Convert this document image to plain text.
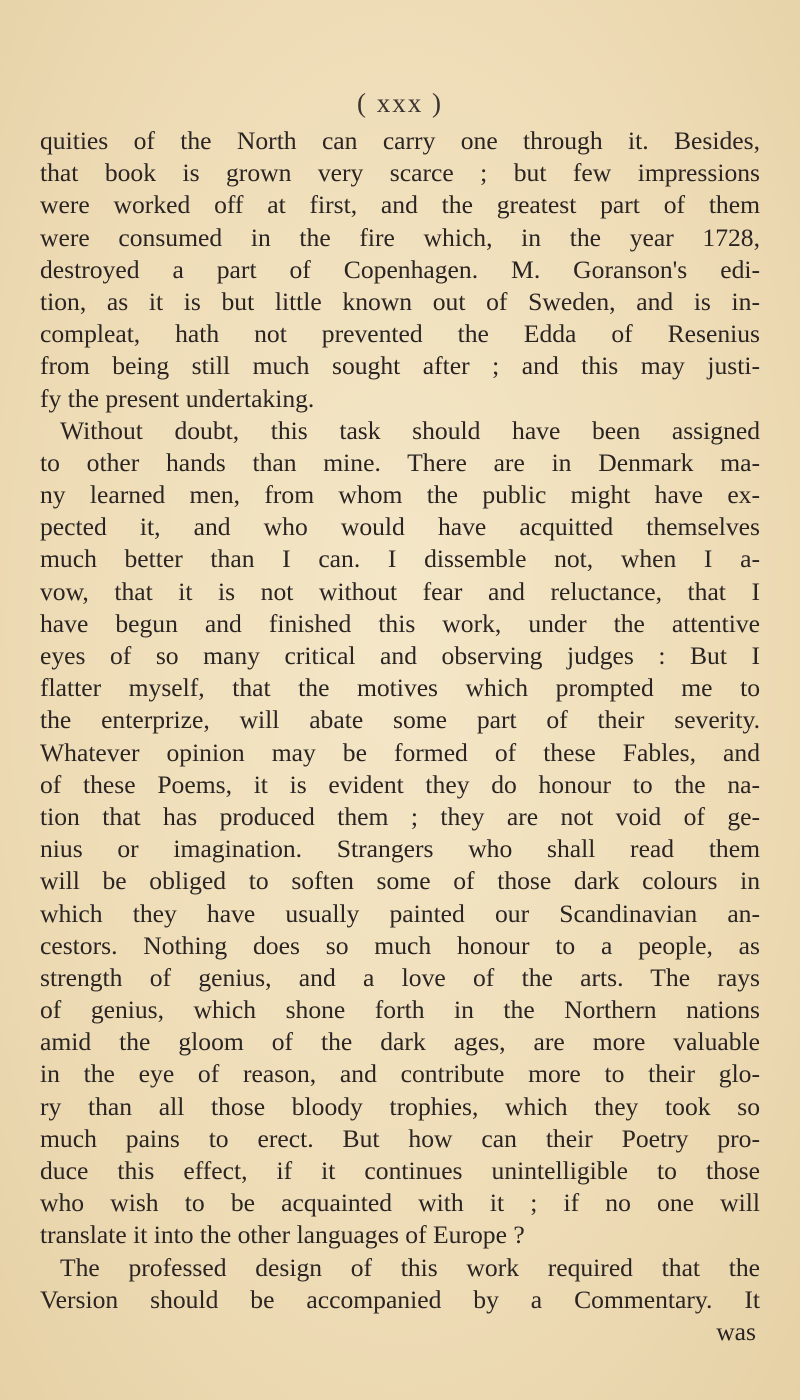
( xxx )
quities of the North can carry one through it. Besides,
that book is grown very scarce ; but few impressions
were worked off at first, and the greatest part of them
were consumed in the fire which, in the year 1728,
destroyed a part of Copenhagen. M. Goranson's edi-
tion, as it is but little known out of Sweden, and is in-
compleat, hath not prevented the Edda of Resenius
from being still much sought after ; and this may justi-
fy the present undertaking.
Without doubt, this task should have been assigned
to other hands than mine. There are in Denmark ma-
ny learned men, from whom the public might have ex-
pected it, and who would have acquitted themselves
much better than I can. I dissemble not, when I a-
vow, that it is not without fear and reluctance, that I
have begun and finished this work, under the attentive
eyes of so many critical and observing judges : But I
flatter myself, that the motives which prompted me to
the enterprize, will abate some part of their severity.
Whatever opinion may be formed of these Fables, and
of these Poems, it is evident they do honour to the na-
tion that has produced them ; they are not void of ge-
nius or imagination. Strangers who shall read them
will be obliged to soften some of those dark colours in
which they have usually painted our Scandinavian an-
cestors. Nothing does so much honour to a people, as
strength of genius, and a love of the arts. The rays
of genius, which shone forth in the Northern nations
amid the gloom of the dark ages, are more valuable
in the eye of reason, and contribute more to their glo-
ry than all those bloody trophies, which they took so
much pains to erect. But how can their Poetry pro-
duce this effect, if it continues unintelligible to those
who wish to be acquainted with it ; if no one will
translate it into the other languages of Europe ?
The professed design of this work required that the
Version should be accompanied by a Commentary. It
was
